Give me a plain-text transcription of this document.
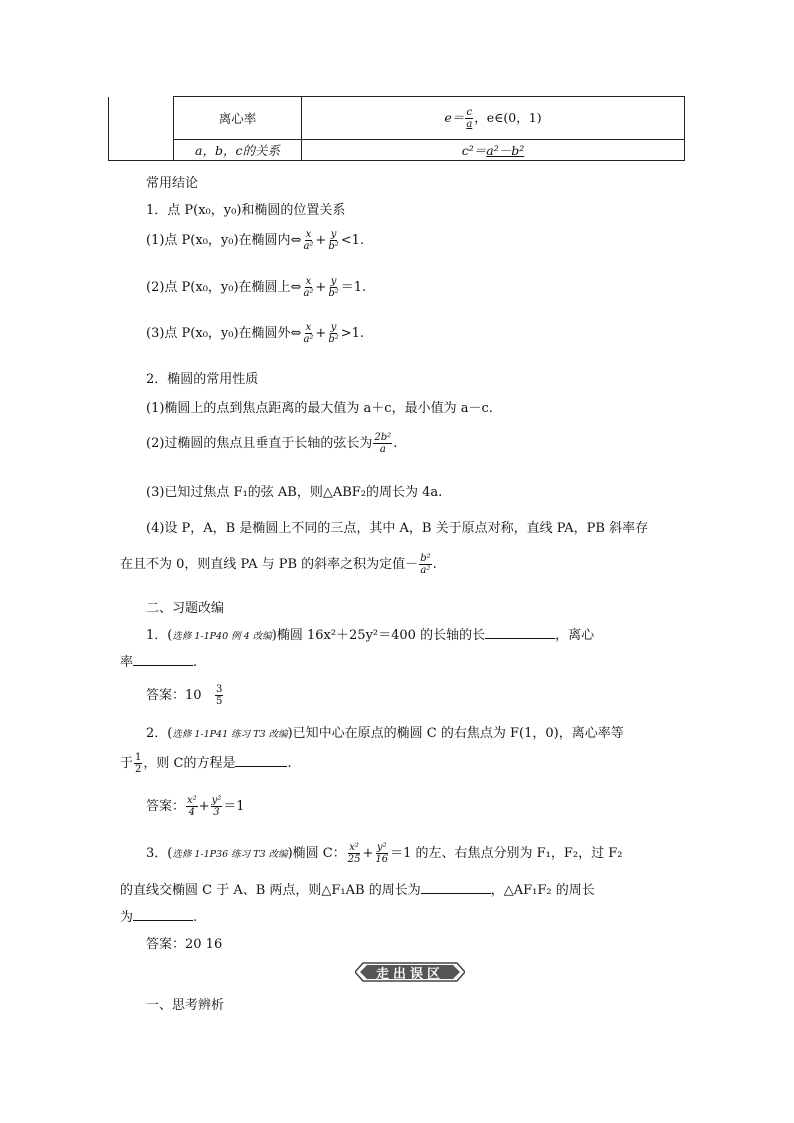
	离心率	$e= \frac{c}{a}$ ，e∈(0，1)
	a，b，c的关系	c²＝a²－b²
常用结论
1．点 P(x₀，y₀)和椭圆的位置关系
(1)点 P(x₀，y₀)在椭圆内⇔ $\frac{x}{\text{a²}} + \frac{y}{\text{b²}} <1$.
(2)点 P(x₀，y₀)在椭圆上⇔ $\frac{x}{\text{a²}} + \frac{y}{\text{b²}} =1$.
(3)点 P(x₀，y₀)在椭圆外⇔ $\frac{x}{\text{a²}} + \frac{y}{\text{b²}} >1$.
2．椭圆的常用性质
(1)椭圆上的点到焦点距离的最大值为 a＋c，最小值为 a－c.
(2)过椭圆的焦点且垂直于长轴的弦长为 $\frac{\text{2b²}}{a}$ .
(3)已知过焦点 F₁的弦 AB，则△ABF₂的周长为 4a.
(4)设 P，A，B 是椭圆上不同的三点，其中 A，B 关于原点对称，直线 PA，PB 斜率存
在且不为 0，则直线 PA 与 PB 的斜率之积为定值－ $\frac{\text{b²}}{\text{a²}}$ .
二、习题改编
1．(选修 1-1P40 例 4 改编)椭圆 16x²＋25y²＝400 的长轴的长	，离心
率	.
答案：$10 \frac{3}{5}$
2．(选修 1-1P41 练习 T3 改编)已知中心在原点的椭圆 C 的右焦点为 F(1，0)，离心率等
于 $\frac{1}{2}$ ，则 C的方程是	.
答案： $\frac{\text{x²}}{4} + \frac{\text{y²}}{3} =1$
3．(选修 1-1P36 练习 T3 改编)椭圆 C： $\frac{\text{x²}}{25} + \frac{\text{y²}}{16} =1$ 的左、右焦点分别为 F₁，F₂，过 F₂
的直线交椭圆 C 于 A、B 两点，则△F₁AB 的周长为	，△AF₁F₂ 的周长
为	.
答案：20 16
走出误区
一、思考辨析
